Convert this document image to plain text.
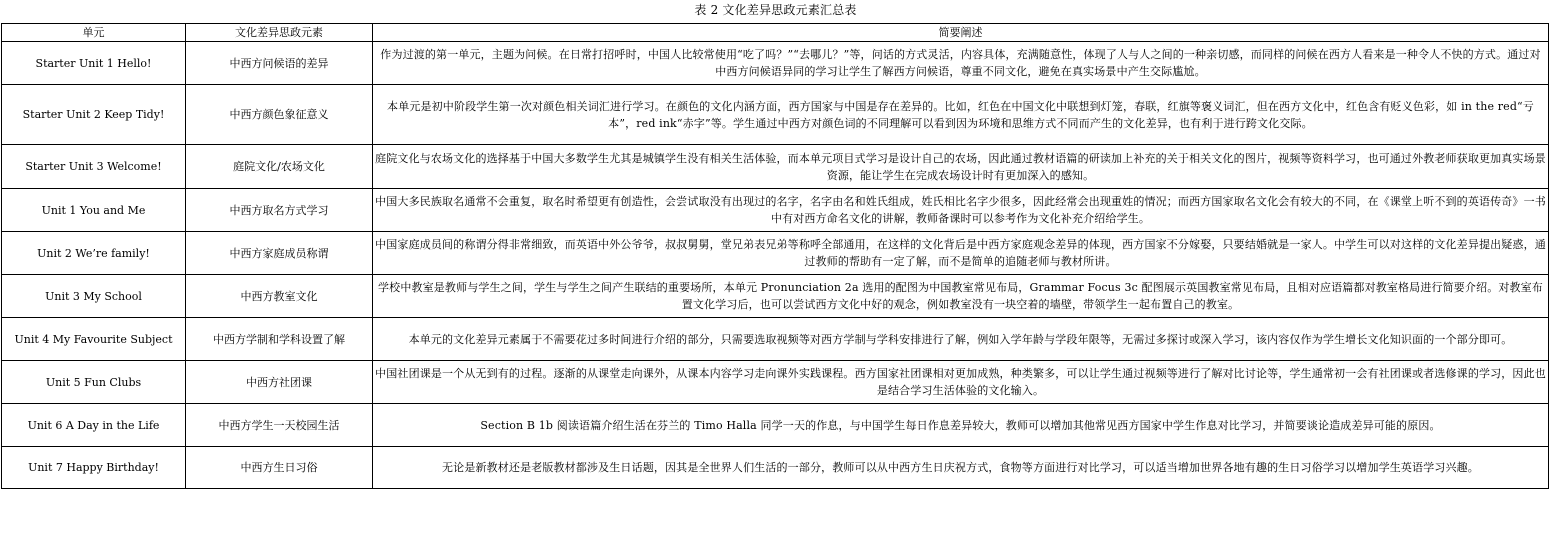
表 2 文化差异思政元素汇总表
单元	文化差异思政元素	简要阐述
Starter Unit 1 Hello!	中西方问候语的差异	作为过渡的第一单元，主题为问候。在日常打招呼时，中国人比较常使用“吃了吗？”“去哪儿？”等，问话的方式灵活，内容具体，充满随意性，体现了人与人之间的一种亲切感，而同样的问候在西方人看来是一种令人不快的方式。通过对中西方问候语异同的学习让学生了解西方问候语，尊重不同文化，避免在真实场景中产生交际尴尬。
Starter Unit 2 Keep Tidy!	中西方颜色象征意义	本单元是初中阶段学生第一次对颜色相关词汇进行学习。在颜色的文化内涵方面，西方国家与中国是存在差异的。比如，红色在中国文化中联想到灯笼，春联，红旗等褒义词汇，但在西方文化中，红色含有贬义色彩，如 in the red“亏本”，red ink“赤字”等。学生通过中西方对颜色词的不同理解可以看到因为环境和思维方式不同而产生的文化差异，也有利于进行跨文化交际。
Starter Unit 3 Welcome!	庭院文化/农场文化	庭院文化与农场文化的选择基于中国大多数学生尤其是城镇学生没有相关生活体验，而本单元项目式学习是设计自己的农场，因此通过教材语篇的研读加上补充的关于相关文化的图片，视频等资料学习，也可通过外教老师获取更加真实场景资源，能让学生在完成农场设计时有更加深入的感知。
Unit 1 You and Me	中西方取名方式学习	中国大多民族取名通常不会重复，取名时希望更有创造性，会尝试取没有出现过的名字，名字由名和姓氏组成，姓氏相比名字少很多，因此经常会出现重姓的情况；而西方国家取名文化会有较大的不同，在《课堂上听不到的英语传奇》一书中有对西方命名文化的讲解，教师备课时可以参考作为文化补充介绍给学生。
Unit 2 We’re family!	中西方家庭成员称谓	中国家庭成员间的称谓分得非常细致，而英语中外公爷爷，叔叔舅舅，堂兄弟表兄弟等称呼全部通用，在这样的文化背后是中西方家庭观念差异的体现，西方国家不分嫁娶，只要结婚就是一家人。中学生可以对这样的文化差异提出疑惑，通过教师的帮助有一定了解，而不是简单的追随老师与教材所讲。
Unit 3 My School	中西方教室文化	学校中教室是教师与学生之间，学生与学生之间产生联结的重要场所，本单元 Pronunciation 2a 选用的配图为中国教室常见布局，Grammar Focus 3c 配图展示英国教室常见布局，且相对应语篇都对教室格局进行简要介绍。对教室布置文化学习后，也可以尝试西方文化中好的观念，例如教室没有一块空着的墙壁，带领学生一起布置自己的教室。
Unit 4 My Favourite Subject	中西方学制和学科设置了解	本单元的文化差异元素属于不需要花过多时间进行介绍的部分，只需要选取视频等对西方学制与学科安排进行了解，例如入学年龄与学段年限等，无需过多探讨或深入学习，该内容仅作为学生增长文化知识面的一个部分即可。
Unit 5 Fun Clubs	中西方社团课	中国社团课是一个从无到有的过程。逐渐的从课堂走向课外，从课本内容学习走向课外实践课程。西方国家社团课相对更加成熟，种类繁多，可以让学生通过视频等进行了解对比讨论等，学生通常初一会有社团课或者选修课的学习，因此也是结合学习生活体验的文化输入。
Unit 6 A Day in the Life	中西方学生一天校园生活	Section B 1b 阅读语篇介绍生活在芬兰的 Timo Halla 同学一天的作息，与中国学生每日作息差异较大，教师可以增加其他常见西方国家中学生作息对比学习，并简要谈论造成差异可能的原因。
Unit 7 Happy Birthday!	中西方生日习俗	无论是新教材还是老版教材都涉及生日话题，因其是全世界人们生活的一部分，教师可以从中西方生日庆祝方式，食物等方面进行对比学习，可以适当增加世界各地有趣的生日习俗学习以增加学生英语学习兴趣。
